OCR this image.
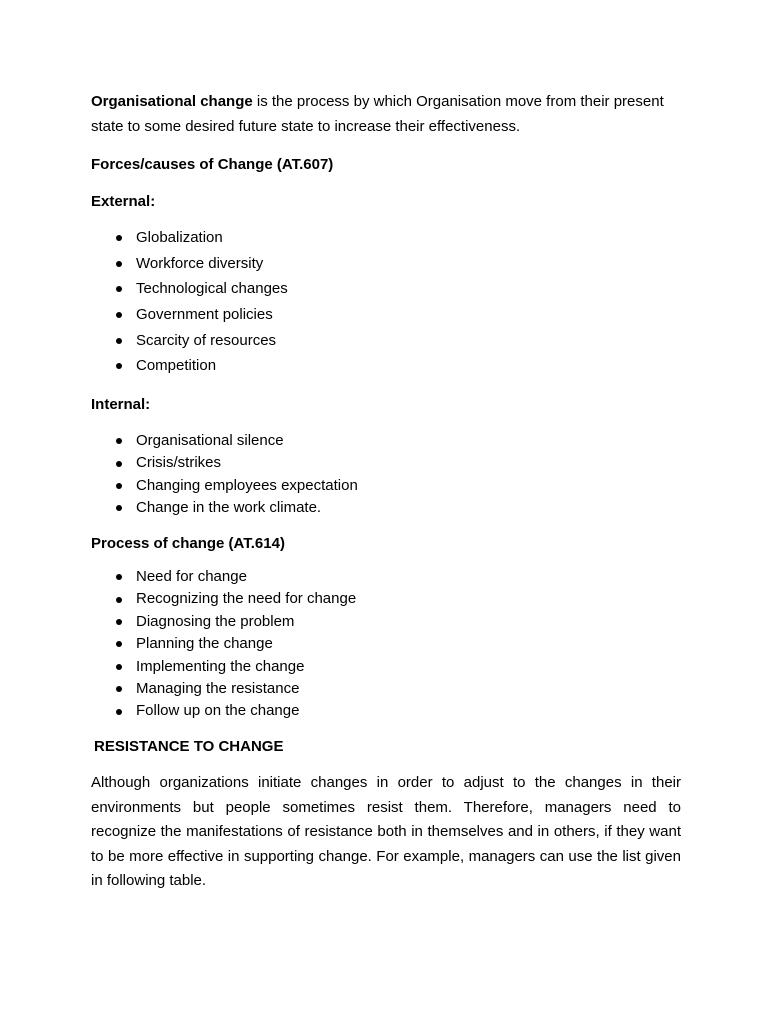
Organisational change is the process by which Organisation move from their present state to some desired future state to increase their effectiveness.

Forces/causes of Change (AT.607)
External:
Globalization
Workforce diversity
Technological changes
Government policies
Scarcity of resources
Competition
Internal:
Organisational silence
Crisis/strikes
Changing employees expectation
Change in the work climate.
Process of change (AT.614)
Need for change
Recognizing the need for change
Diagnosing the problem
Planning the change
Implementing the change
Managing the resistance
Follow up on the change
RESISTANCE TO CHANGE

Although organizations initiate changes in order to adjust to the changes in their environments but people sometimes resist them. Therefore, managers need to recognize the manifestations of resistance both in themselves and in others, if they want to be more effective in supporting change. For example, managers can use the list given in following table.
